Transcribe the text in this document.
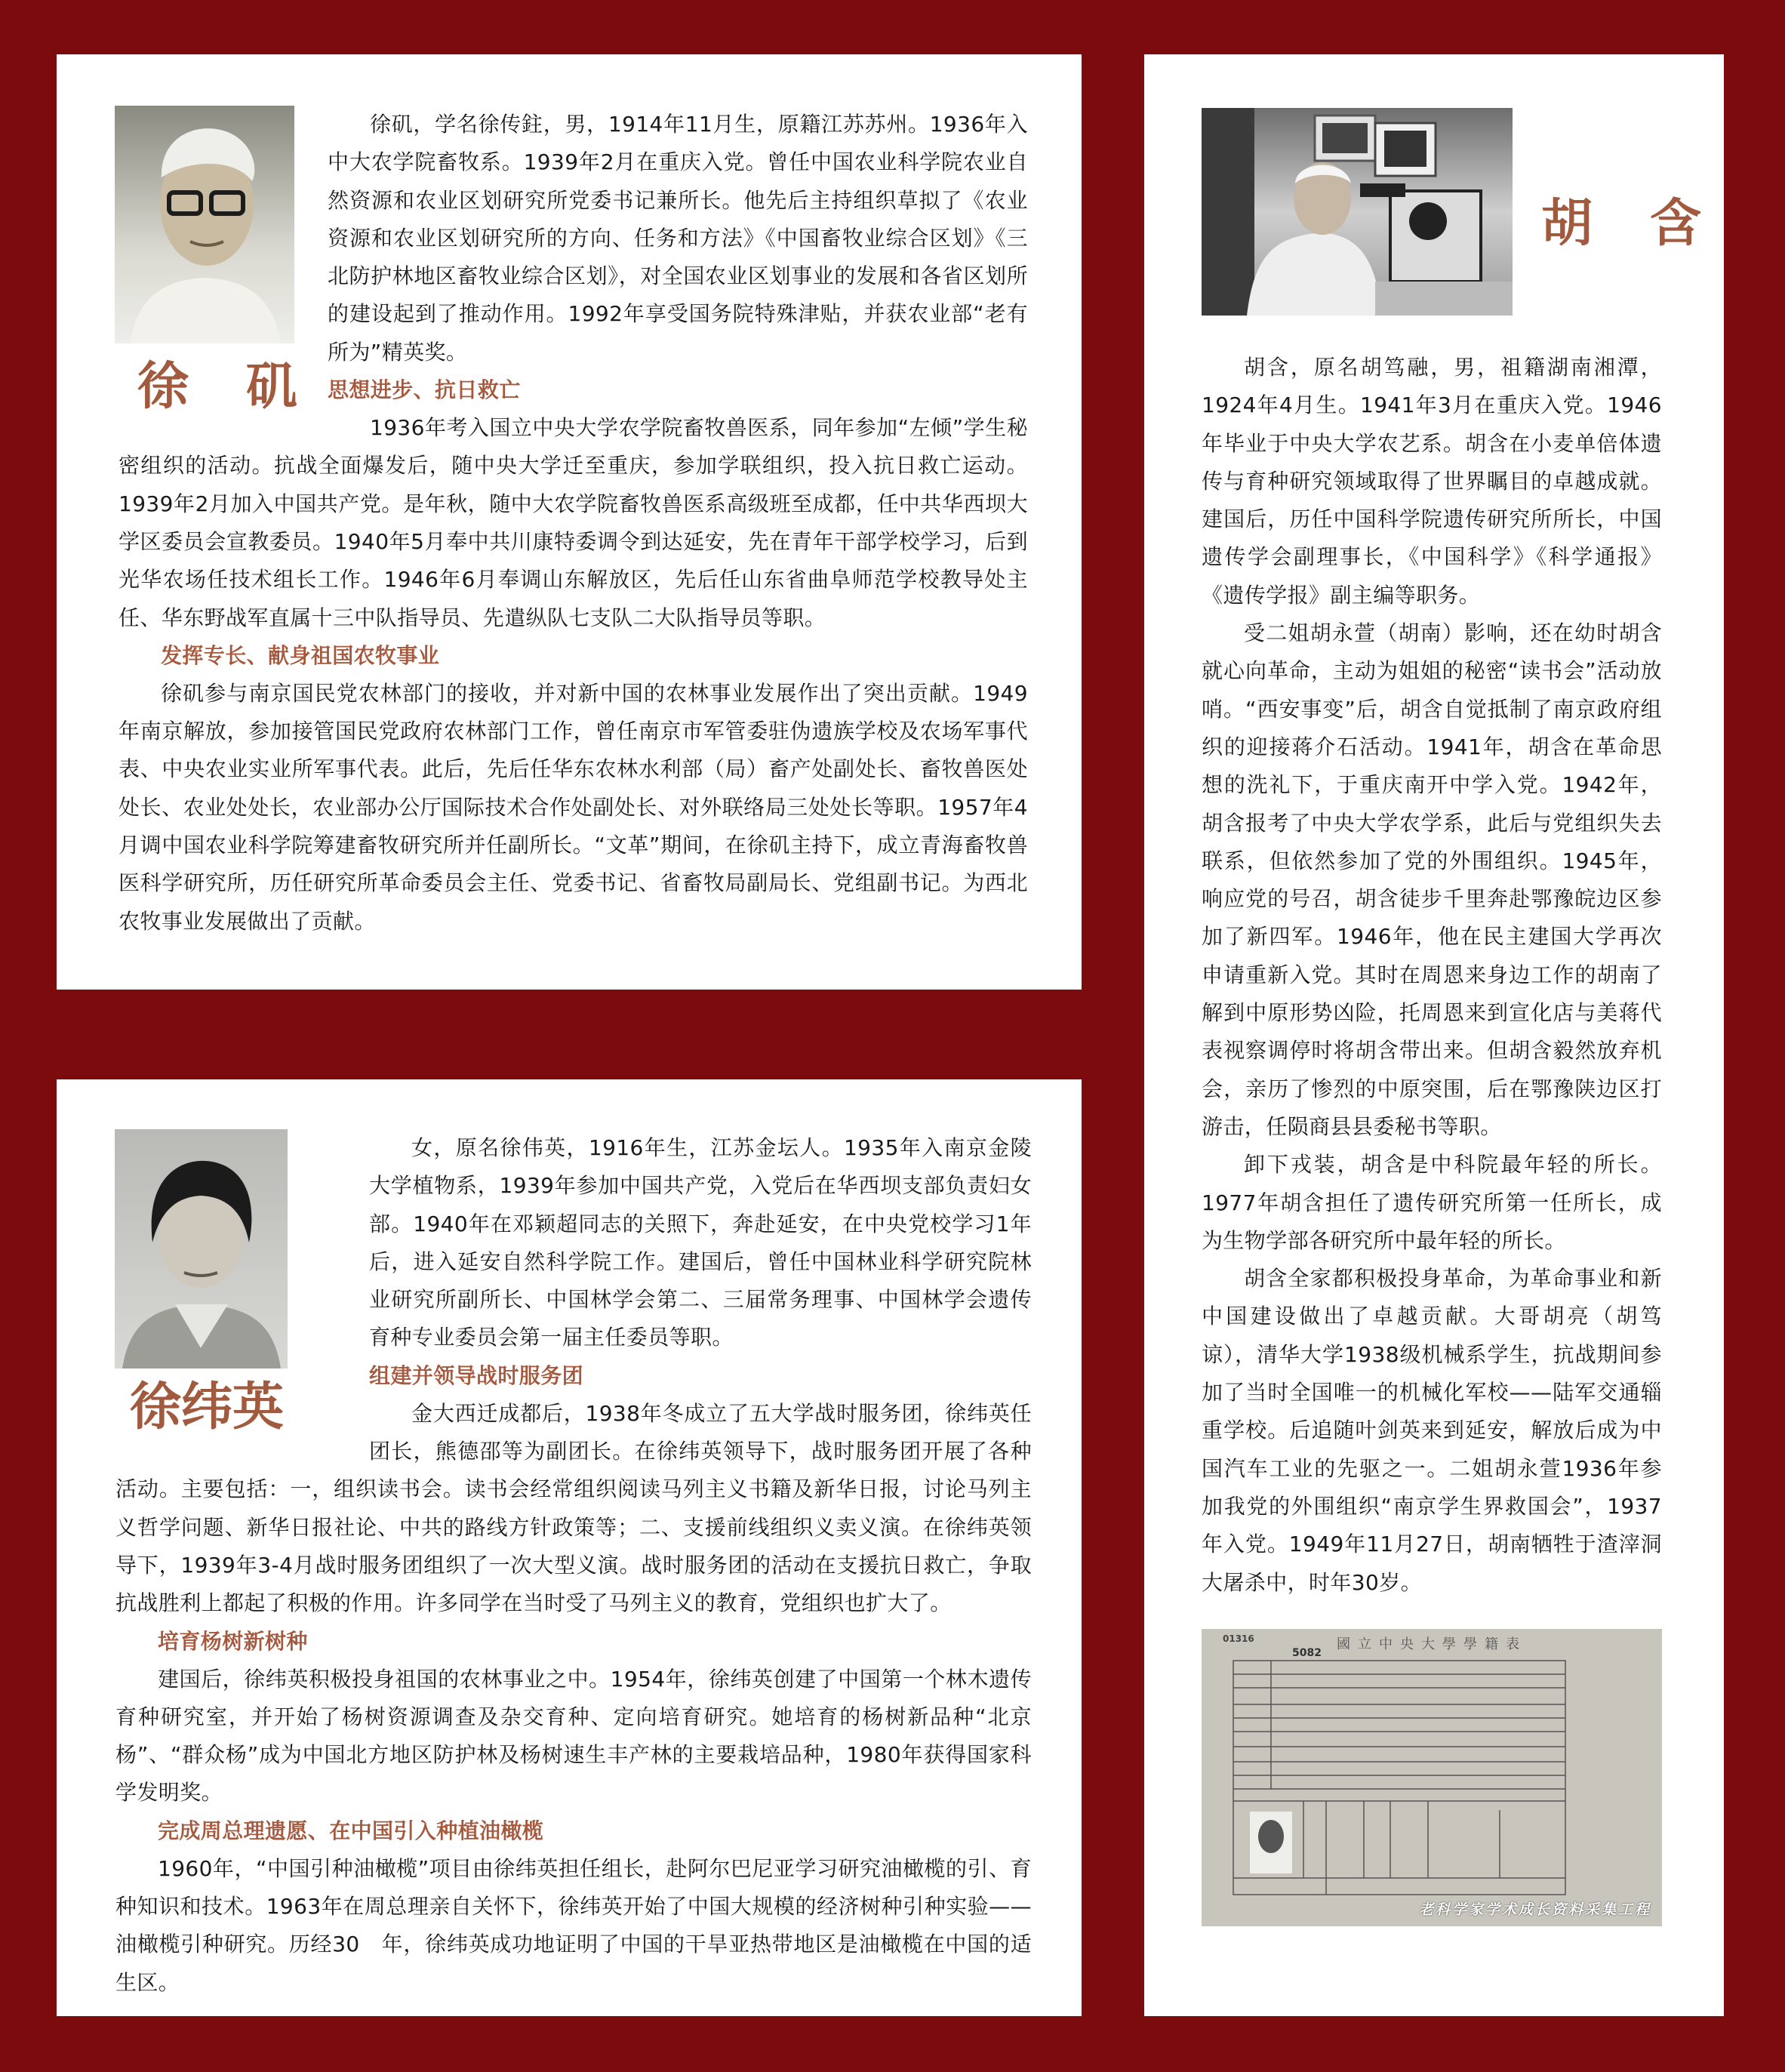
徐　矶

徐矶，学名徐传鉒，男，1914年11月生，原籍江苏苏州。1936年入中大农学院畜牧系。1939年2月在重庆入党。曾任中国农业科学院农业自然资源和农业区划研究所党委书记兼所长。他先后主持组织草拟了《农业资源和农业区划研究所的方向、任务和方法》《中国畜牧业综合区划》《三北防护林地区畜牧业综合区划》，对全国农业区划事业的发展和各省区划所的建设起到了推动作用。1992年享受国务院特殊津贴，并获农业部“老有所为”精英奖。

思想进步、抗日救亡

1936年考入国立中央大学农学院畜牧兽医系，同年参加“左倾”学生秘密组织的活动。抗战全面爆发后，随中央大学迁至重庆，参加学联组织，投入抗日救亡运动。1939年2月加入中国共产党。是年秋，随中大农学院畜牧兽医系高级班至成都，任中共华西坝大学区委员会宣教委员。1940年5月奉中共川康特委调令到达延安，先在青年干部学校学习，后到光华农场任技术组长工作。1946年6月奉调山东解放区，先后任山东省曲阜师范学校教导处主任、华东野战军直属十三中队指导员、先遣纵队七支队二大队指导员等职。

发挥专长、献身祖国农牧事业

徐矶参与南京国民党农林部门的接收，并对新中国的农林事业发展作出了突出贡献。1949年南京解放，参加接管国民党政府农林部门工作，曾任南京市军管委驻伪遗族学校及农场军事代表、中央农业实业所军事代表。此后，先后任华东农林水利部（局）畜产处副处长、畜牧兽医处处长、农业处处长，农业部办公厅国际技术合作处副处长、对外联络局三处处长等职。1957年4月调中国农业科学院筹建畜牧研究所并任副所长。“文革”期间，在徐矶主持下，成立青海畜牧兽医科学研究所，历任研究所革命委员会主任、党委书记、省畜牧局副局长、党组副书记。为西北农牧事业发展做出了贡献。

徐纬英

女，原名徐伟英，1916年生，江苏金坛人。1935年入南京金陵大学植物系，1939年参加中国共产党，入党后在华西坝支部负责妇女部。1940年在邓颖超同志的关照下，奔赴延安，在中央党校学习1年后，进入延安自然科学院工作。建国后，曾任中国林业科学研究院林业研究所副所长、中国林学会第二、三届常务理事、中国林学会遗传育种专业委员会第一届主任委员等职。

组建并领导战时服务团

金大西迁成都后，1938年冬成立了五大学战时服务团，徐纬英任团长，熊德邵等为副团长。在徐纬英领导下，战时服务团开展了各种活动。主要包括：一，组织读书会。读书会经常组织阅读马列主义书籍及新华日报，讨论马列主义哲学问题、新华日报社论、中共的路线方针政策等；二、支援前线组织义卖义演。在徐纬英领导下，1939年3-4月战时服务团组织了一次大型义演。战时服务团的活动在支援抗日救亡，争取抗战胜利上都起了积极的作用。许多同学在当时受了马列主义的教育，党组织也扩大了。

培育杨树新树种

建国后，徐纬英积极投身祖国的农林事业之中。1954年，徐纬英创建了中国第一个林木遗传育种研究室，并开始了杨树资源调查及杂交育种、定向培育研究。她培育的杨树新品种“北京杨”、“群众杨”成为中国北方地区防护林及杨树速生丰产林的主要栽培品种，1980年获得国家科学发明奖。

完成周总理遗愿、在中国引入种植油橄榄

1960年，“中国引种油橄榄”项目由徐纬英担任组长，赴阿尔巴尼亚学习研究油橄榄的引、育种知识和技术。1963年在周总理亲自关怀下，徐纬英开始了中国大规模的经济树种引种实验——油橄榄引种研究。历经30　年，徐纬英成功地证明了中国的干旱亚热带地区是油橄榄在中国的适生区。

胡　含

胡含，原名胡笃融，男，祖籍湖南湘潭，1924年4月生。1941年3月在重庆入党。1946年毕业于中央大学农艺系。胡含在小麦单倍体遗传与育种研究领域取得了世界瞩目的卓越成就。建国后，历任中国科学院遗传研究所所长，中国遗传学会副理事长，《中国科学》《科学通报》《遗传学报》副主编等职务。

受二姐胡永萱（胡南）影响，还在幼时胡含就心向革命，主动为姐姐的秘密“读书会”活动放哨。“西安事变”后，胡含自觉抵制了南京政府组织的迎接蒋介石活动。1941年，胡含在革命思想的洗礼下，于重庆南开中学入党。1942年，胡含报考了中央大学农学系，此后与党组织失去联系，但依然参加了党的外围组织。1945年，响应党的号召，胡含徒步千里奔赴鄂豫皖边区参加了新四军。1946年，他在民主建国大学再次申请重新入党。其时在周恩来身边工作的胡南了解到中原形势凶险，托周恩来到宣化店与美蒋代表视察调停时将胡含带出来。但胡含毅然放弃机会，亲历了惨烈的中原突围，后在鄂豫陕边区打游击，任陨商县县委秘书等职。

卸下戎装，胡含是中科院最年轻的所长。1977年胡含担任了遗传研究所第一任所长，成为生物学部各研究所中最年轻的所长。

胡含全家都积极投身革命，为革命事业和新中国建设做出了卓越贡献。大哥胡亮（胡笃谅），清华大学1938级机械系学生，抗战期间参加了当时全国唯一的机械化军校——陆军交通辎重学校。后追随叶剑英来到延安，解放后成为中国汽车工业的先驱之一。二姐胡永萱1936年参加我党的外围组织“南京学生界救国会”，1937年入党。1949年11月27日，胡南牺牲于渣滓洞大屠杀中，时年30岁。

國立中央大學學籍表
01316
5082
老科学家学术成长资料采集工程
